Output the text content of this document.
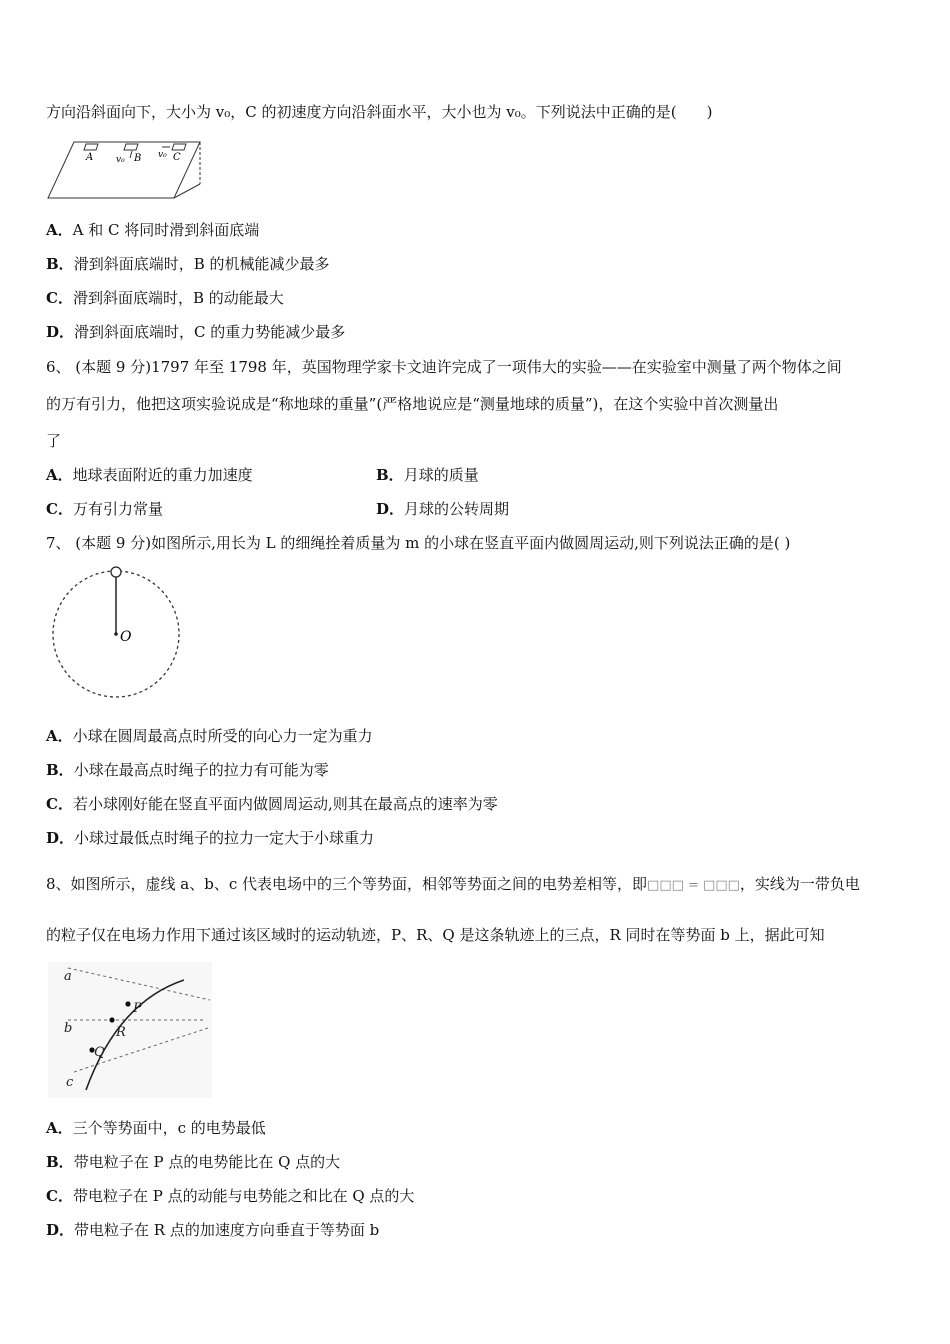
方向沿斜面向下，大小为 v₀，C 的初速度方向沿斜面水平，大小也为 v₀。下列说法中正确的是(　　)
A	B
v₀	C
v₀
A．A 和 C 将同时滑到斜面底端
B．滑到斜面底端时，B 的机械能减少最多
C．滑到斜面底端时，B 的动能最大
D．滑到斜面底端时，C 的重力势能减少最多
6、 (本题 9 分)1797 年至 1798 年，英国物理学家卡文迪许完成了一项伟大的实验——在实验室中测量了两个物体之间
的万有引力，他把这项实验说成是“称地球的重量”(严格地说应是“测量地球的质量”)，在这个实验中首次测量出
了
A．地球表面附近的重力加速度	B．月球的质量
C．万有引力常量	D．月球的公转周期
7、 (本题 9 分)如图所示,用长为 L 的细绳拴着质量为 m 的小球在竖直平面内做圆周运动,则下列说法正确的是( )
O
A．小球在圆周最高点时所受的向心力一定为重力
B．小球在最高点时绳子的拉力有可能为零
C．若小球刚好能在竖直平面内做圆周运动,则其在最高点的速率为零
D．小球过最低点时绳子的拉力一定大于小球重力
8、如图所示，虚线 a、b、c 代表电场中的三个等势面，相邻等势面之间的电势差相等，即□□□ = □□□，实线为一带负电
的粒子仅在电场力作用下通过该区域时的运动轨迹，P、R、Q 是这条轨迹上的三点，R 同时在等势面 b 上，据此可知
a
b
c
P
R
Q
A．三个等势面中，c 的电势最低
B．带电粒子在 P 点的电势能比在 Q 点的大
C．带电粒子在 P 点的动能与电势能之和比在 Q 点的大
D．带电粒子在 R 点的加速度方向垂直于等势面 b
